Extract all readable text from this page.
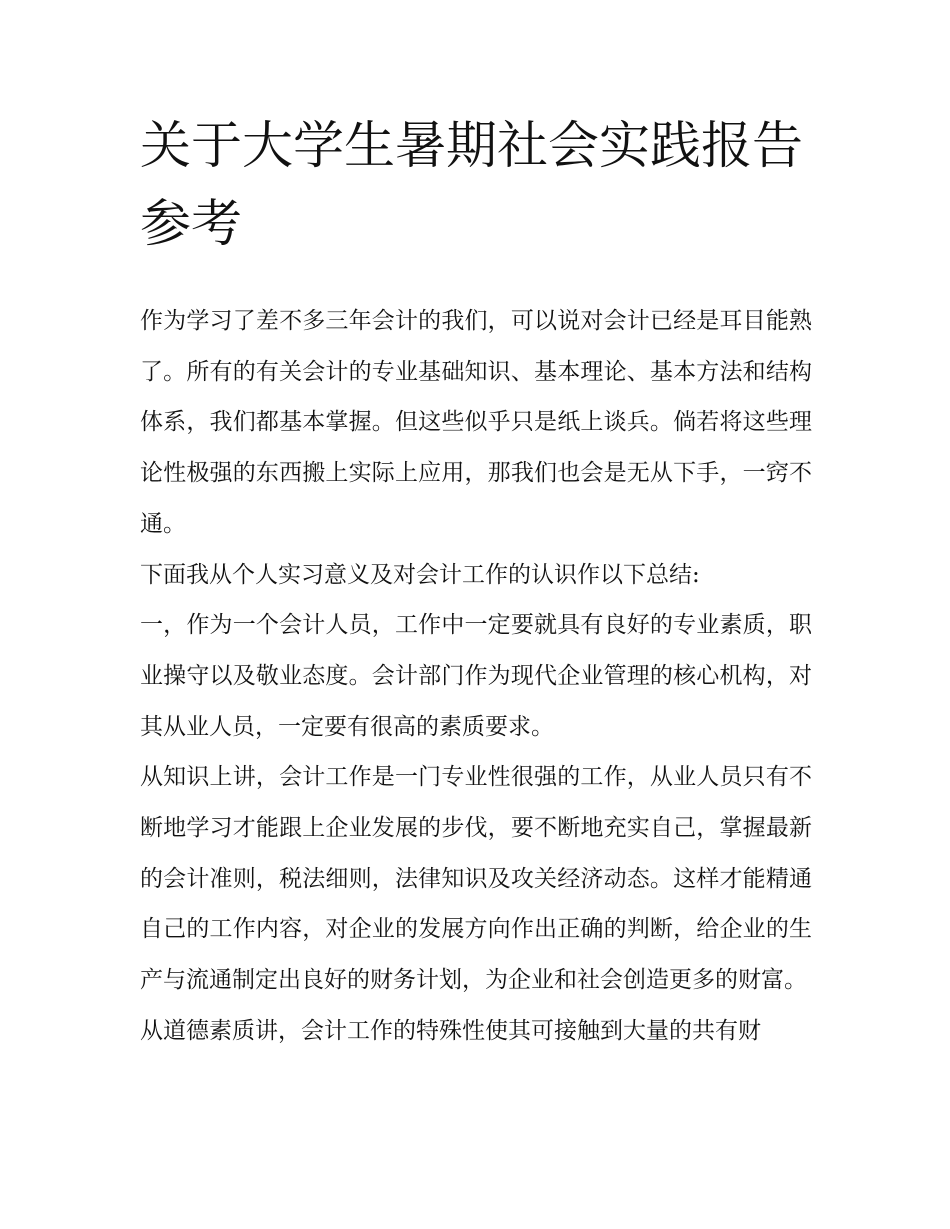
关于大学生暑期社会实践报告参考

作为学习了差不多三年会计的我们，可以说对会计已经是耳目能熟了。所有的有关会计的专业基础知识、基本理论、基本方法和结构体系，我们都基本掌握。但这些似乎只是纸上谈兵。倘若将这些理论性极强的东西搬上实际上应用，那我们也会是无从下手，一窍不通。

下面我从个人实习意义及对会计工作的认识作以下总结:

一，作为一个会计人员，工作中一定要就具有良好的专业素质，职业操守以及敬业态度。会计部门作为现代企业管理的核心机构，对其从业人员，一定要有很高的素质要求。

从知识上讲，会计工作是一门专业性很强的工作，从业人员只有不断地学习才能跟上企业发展的步伐，要不断地充实自己，掌握最新的会计准则，税法细则，法律知识及攻关经济动态。这样才能精通自己的工作内容，对企业的发展方向作出正确的判断，给企业的生产与流通制定出良好的财务计划，为企业和社会创造更多的财富。

从道德素质讲，会计工作的特殊性使其可接触到大量的共有财
